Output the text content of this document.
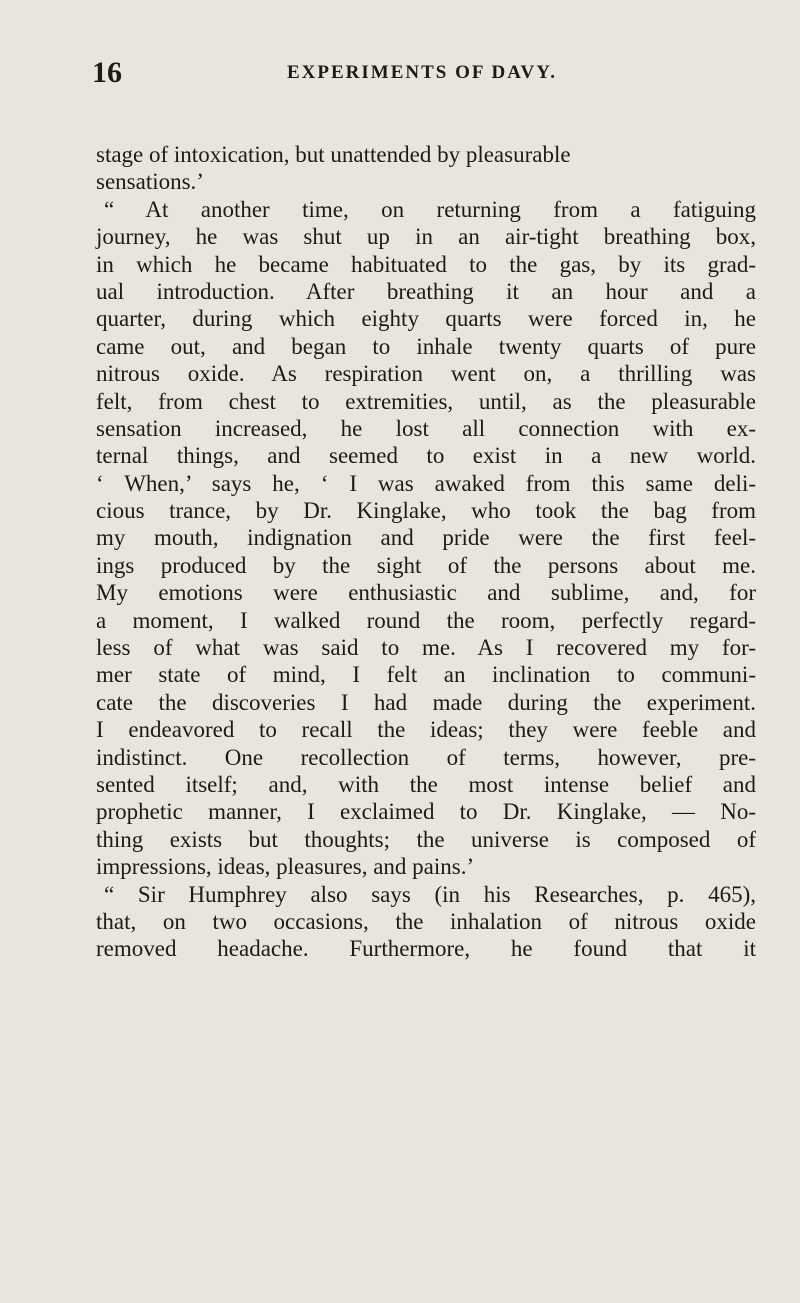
16	EXPERIMENTS OF DAVY.
stage of intoxication, but unattended by pleasurable
sensations.’
“ At another time, on returning from a fatiguing
journey, he was shut up in an air-tight breathing box,
in which he became habituated to the gas, by its grad-
ual introduction. After breathing it an hour and a
quarter, during which eighty quarts were forced in, he
came out, and began to inhale twenty quarts of pure
nitrous oxide. As respiration went on, a thrilling was
felt, from chest to extremities, until, as the pleasurable
sensation increased, he lost all connection with ex-
ternal things, and seemed to exist in a new world.
‘ When,’ says he, ‘ I was awaked from this same deli-
cious trance, by Dr. Kinglake, who took the bag from
my mouth, indignation and pride were the first feel-
ings produced by the sight of the persons about me.
My emotions were enthusiastic and sublime, and, for
a moment, I walked round the room, perfectly regard-
less of what was said to me. As I recovered my for-
mer state of mind, I felt an inclination to communi-
cate the discoveries I had made during the experiment.
I endeavored to recall the ideas; they were feeble and
indistinct. One recollection of terms, however, pre-
sented itself; and, with the most intense belief and
prophetic manner, I exclaimed to Dr. Kinglake, — No-
thing exists but thoughts; the universe is composed of
impressions, ideas, pleasures, and pains.’
“ Sir Humphrey also says (in his Researches, p. 465),
that, on two occasions, the inhalation of nitrous oxide
removed headache. Furthermore, he found that it
